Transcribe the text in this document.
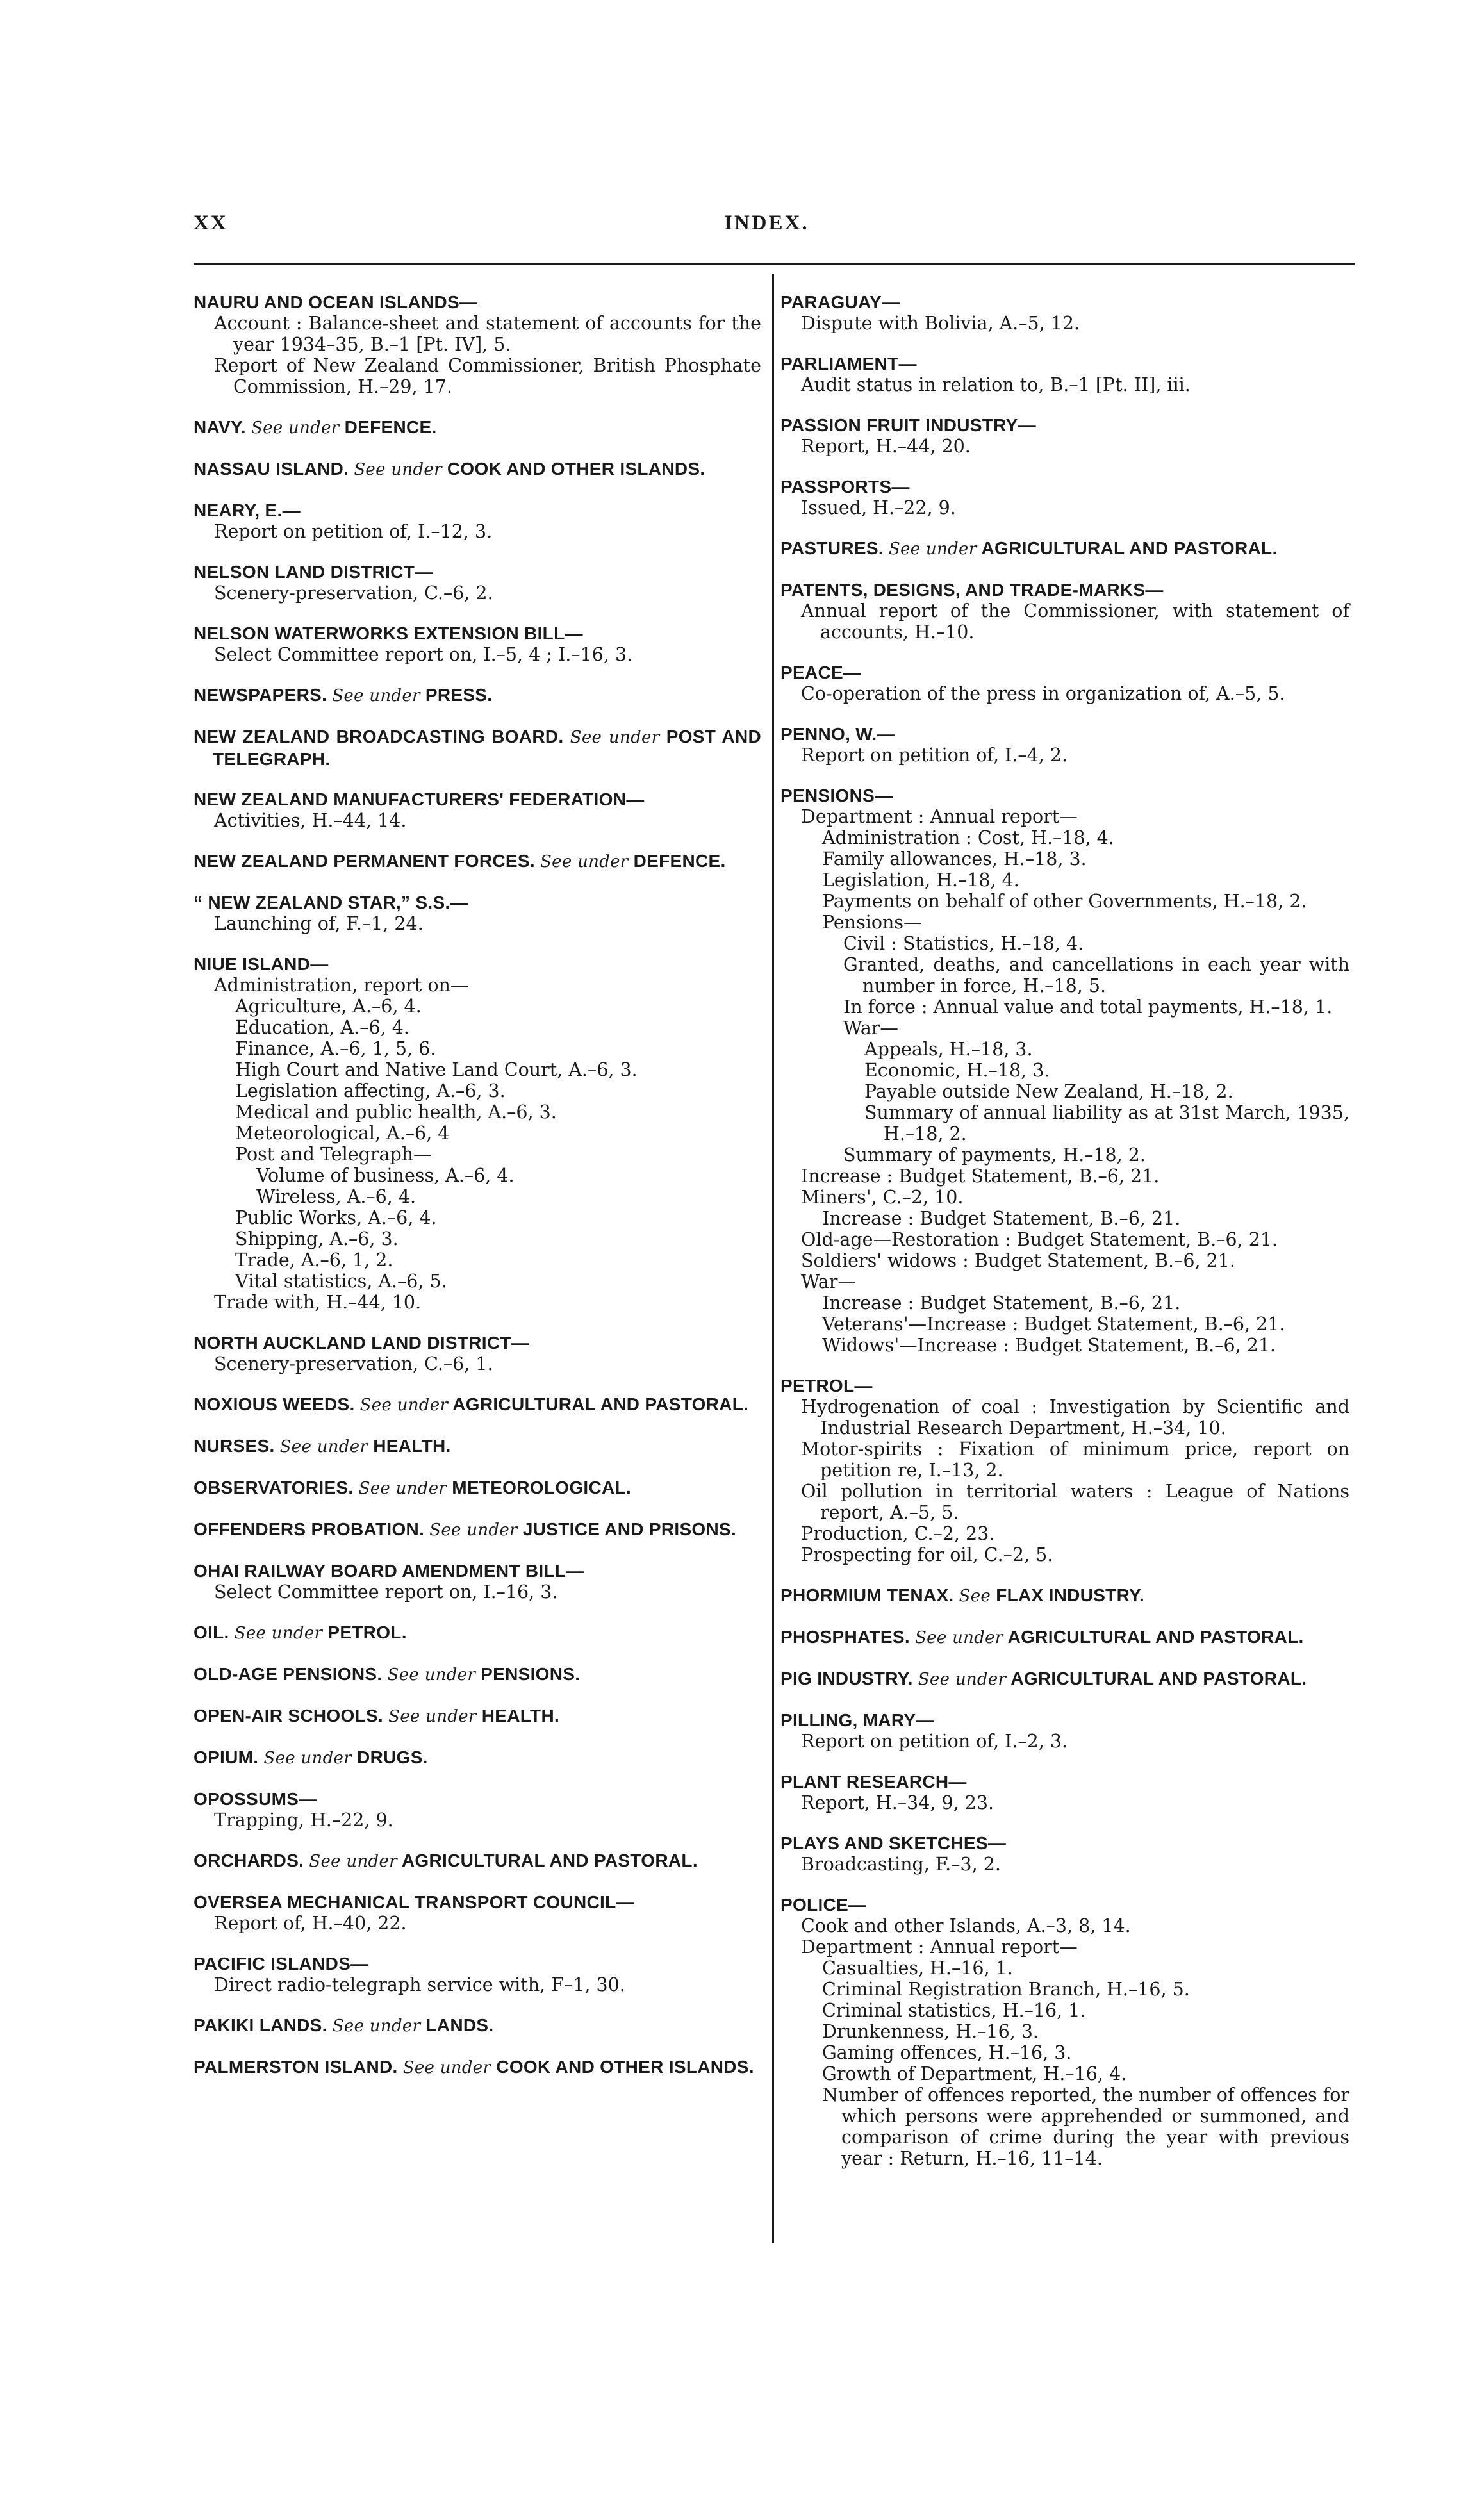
XX	INDEX.
NAURU AND OCEAN ISLANDS—
Account : Balance-sheet and statement of accounts for the year 1934–35, B.–1 [Pt. IV], 5.
Report of New Zealand Commissioner, British Phosphate Commission, H.–29, 17.
NAVY. See under DEFENCE.
NASSAU ISLAND. See under COOK AND OTHER ISLANDS.
NEARY, E.—
Report on petition of, I.–12, 3.
NELSON LAND DISTRICT—
Scenery-preservation, C.–6, 2.
NELSON WATERWORKS EXTENSION BILL—
Select Committee report on, I.–5, 4 ; I.–16, 3.
NEWSPAPERS. See under PRESS.
NEW ZEALAND BROADCASTING BOARD. See under POST AND TELEGRAPH.
NEW ZEALAND MANUFACTURERS' FEDERATION—
Activities, H.–44, 14.
NEW ZEALAND PERMANENT FORCES. See under DEFENCE.
“ NEW ZEALAND STAR,” S.S.—
Launching of, F.–1, 24.
NIUE ISLAND—
Administration, report on—
Agriculture, A.–6, 4.
Education, A.–6, 4.
Finance, A.–6, 1, 5, 6.
High Court and Native Land Court, A.–6, 3.
Legislation affecting, A.–6, 3.
Medical and public health, A.–6, 3.
Meteorological, A.–6, 4
Post and Telegraph—
Volume of business, A.–6, 4.
Wireless, A.–6, 4.
Public Works, A.–6, 4.
Shipping, A.–6, 3.
Trade, A.–6, 1, 2.
Vital statistics, A.–6, 5.
Trade with, H.–44, 10.
NORTH AUCKLAND LAND DISTRICT—
Scenery-preservation, C.–6, 1.
NOXIOUS WEEDS. See under AGRICULTURAL AND PASTORAL.
NURSES. See under HEALTH.
OBSERVATORIES. See under METEOROLOGICAL.
OFFENDERS PROBATION. See under JUSTICE AND PRISONS.
OHAI RAILWAY BOARD AMENDMENT BILL—
Select Committee report on, I.–16, 3.
OIL. See under PETROL.
OLD-AGE PENSIONS. See under PENSIONS.
OPEN-AIR SCHOOLS. See under HEALTH.
OPIUM. See under DRUGS.
OPOSSUMS—
Trapping, H.–22, 9.
ORCHARDS. See under AGRICULTURAL AND PASTORAL.
OVERSEA MECHANICAL TRANSPORT COUNCIL—
Report of, H.–40, 22.
PACIFIC ISLANDS—
Direct radio-telegraph service with, F–1, 30.
PAKIKI LANDS. See under LANDS.
PALMERSTON ISLAND. See under COOK AND OTHER ISLANDS.
PARAGUAY—
Dispute with Bolivia, A.–5, 12.
PARLIAMENT—
Audit status in relation to, B.–1 [Pt. II], iii.
PASSION FRUIT INDUSTRY—
Report, H.–44, 20.
PASSPORTS—
Issued, H.–22, 9.
PASTURES. See under AGRICULTURAL AND PASTORAL.
PATENTS, DESIGNS, AND TRADE-MARKS—
Annual report of the Commissioner, with statement of accounts, H.–10.
PEACE—
Co-operation of the press in organization of, A.–5, 5.
PENNO, W.—
Report on petition of, I.–4, 2.
PENSIONS—
Department : Annual report—
Administration : Cost, H.–18, 4.
Family allowances, H.–18, 3.
Legislation, H.–18, 4.
Payments on behalf of other Governments, H.–18, 2.
Pensions—
Civil : Statistics, H.–18, 4.
Granted, deaths, and cancellations in each year with number in force, H.–18, 5.
In force : Annual value and total payments, H.–18, 1.
War—
Appeals, H.–18, 3.
Economic, H.–18, 3.
Payable outside New Zealand, H.–18, 2.
Summary of annual liability as at 31st March, 1935, H.–18, 2.
Summary of payments, H.–18, 2.
Increase : Budget Statement, B.–6, 21.
Miners', C.–2, 10.
Increase : Budget Statement, B.–6, 21.
Old-age—Restoration : Budget Statement, B.–6, 21.
Soldiers' widows : Budget Statement, B.–6, 21.
War—
Increase : Budget Statement, B.–6, 21.
Veterans'—Increase : Budget Statement, B.–6, 21.
Widows'—Increase : Budget Statement, B.–6, 21.
PETROL—
Hydrogenation of coal : Investigation by Scientific and Industrial Research Department, H.–34, 10.
Motor-spirits : Fixation of minimum price, report on petition re, I.–13, 2.
Oil pollution in territorial waters : League of Nations report, A.–5, 5.
Production, C.–2, 23.
Prospecting for oil, C.–2, 5.
PHORMIUM TENAX. See FLAX INDUSTRY.
PHOSPHATES. See under AGRICULTURAL AND PASTORAL.
PIG INDUSTRY. See under AGRICULTURAL AND PASTORAL.
PILLING, MARY—
Report on petition of, I.–2, 3.
PLANT RESEARCH—
Report, H.–34, 9, 23.
PLAYS AND SKETCHES—
Broadcasting, F.–3, 2.
POLICE—
Cook and other Islands, A.–3, 8, 14.
Department : Annual report—
Casualties, H.–16, 1.
Criminal Registration Branch, H.–16, 5.
Criminal statistics, H.–16, 1.
Drunkenness, H.–16, 3.
Gaming offences, H.–16, 3.
Growth of Department, H.–16, 4.
Number of offences reported, the number of offences for which persons were apprehended or summoned, and comparison of crime during the year with previous year : Return, H.–16, 11–14.
